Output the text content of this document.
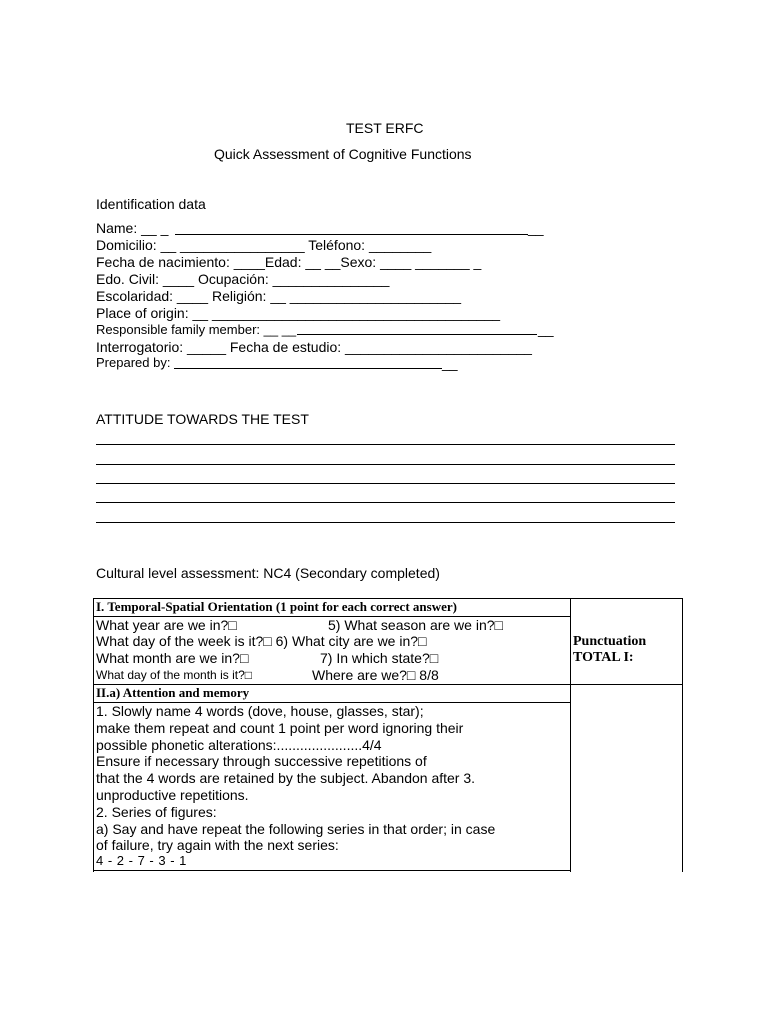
TEST ERFC
Quick Assessment of Cognitive Functions
Identification data
Name: __ _	__
Domicilio: __ ________________ Teléfono: ________
Fecha de nacimiento: ____Edad: __ __Sexo: ____ _______ _
Edo. Civil: ____ Ocupación: _______________
Escolaridad: ____ Religión: __ ______________________
Place of origin: __ _____________________________________
Responsible family member: __ __	__
Interrogatorio: _____ Fecha de estudio: ________________________
Prepared by:	__
ATTITUDE TOWARDS THE TEST
Cultural level assessment: NC4 (Secondary completed)
I. Temporal-Spatial Orientation (1 point for each correct answer)
What year are we in?□	5) What season are we in?□
What day of the week is it?□ 6) What city are we in?□
What month are we in?□	7) In which state?□
What day of the month is it?□	Where are we?□ 8/8
Punctuation
TOTAL I:
II.a) Attention and memory
1. Slowly name 4 words (dove, house, glasses, star);
make them repeat and count 1 point per word ignoring their
possible phonetic alterations:......................4/4
Ensure if necessary through successive repetitions of
that the 4 words are retained by the subject. Abandon after 3.
unproductive repetitions.
2. Series of figures:
a) Say and have repeat the following series in that order; in case
of failure, try again with the next series:
4 - 2 - 7 - 3 - 1
